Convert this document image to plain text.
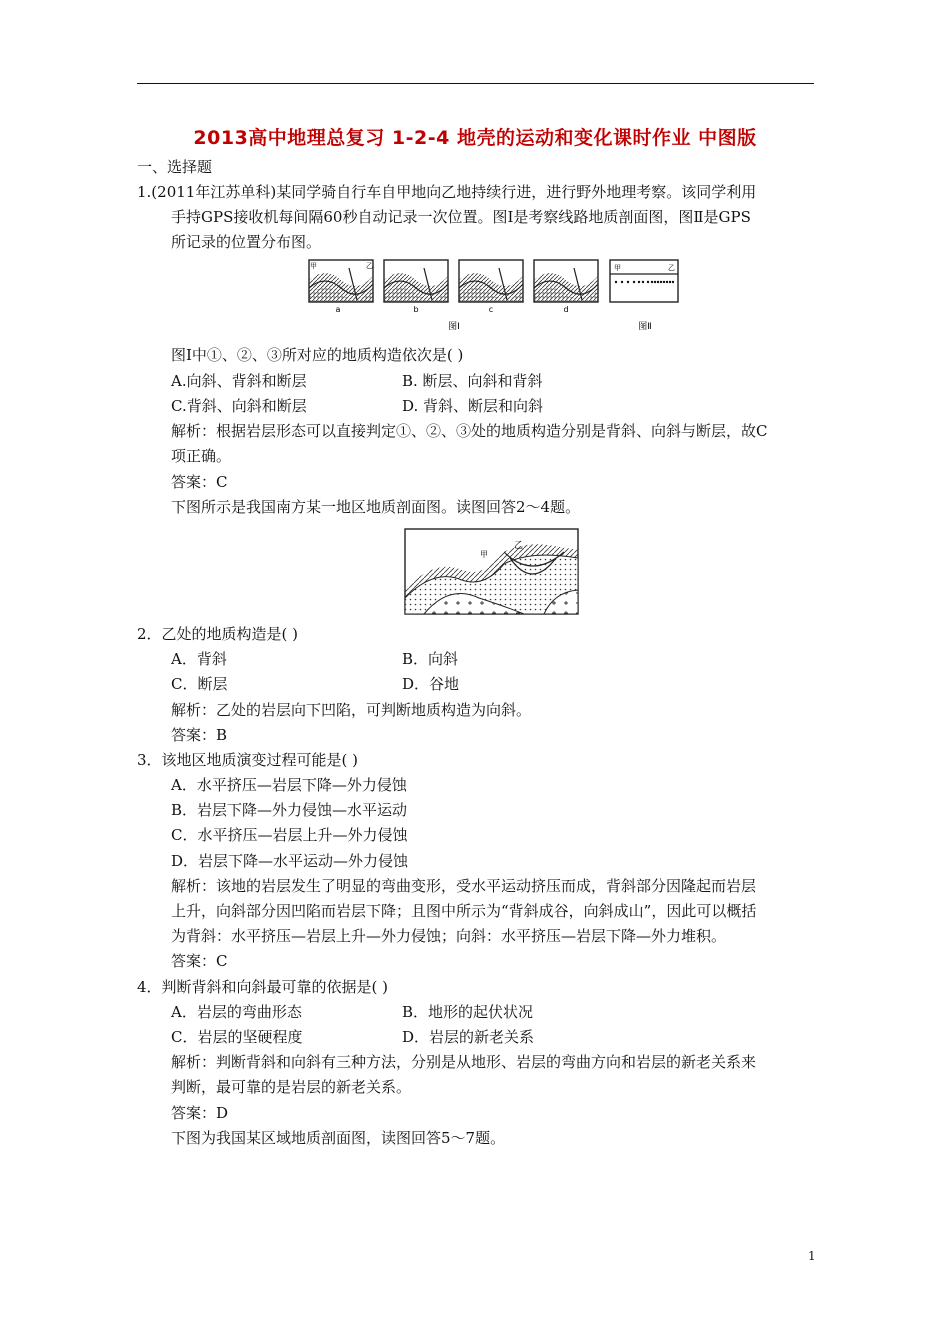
2013高中地理总复习 1-2-4 地壳的运动和变化课时作业 中图版
一、选择题
1.(2011年江苏单科)某同学骑自行车自甲地向乙地持续行进，进行野外地理考察。该同学利用
手持GPS接收机每间隔60秒自动记录一次位置。图Ⅰ是考察线路地质剖面图，图Ⅱ是GPS
所记录的位置分布图。
甲	乙
a	b	c	d
图Ⅰ
甲	乙
图Ⅱ
图Ⅰ中①、②、③所对应的地质构造依次是( )
A.向斜、背斜和断层	B. 断层、向斜和背斜
C.背斜、向斜和断层	D. 背斜、断层和向斜
解析：根据岩层形态可以直接判定①、②、③处的地质构造分别是背斜、向斜与断层，故C
项正确。
答案：C
下图所示是我国南方某一地区地质剖面图。读图回答2～4题。
甲
乙
2．乙处的地质构造是( )
A．背斜	B．向斜
C．断层	D．谷地
解析：乙处的岩层向下凹陷，可判断地质构造为向斜。
答案：B
3．该地区地质演变过程可能是( )
A．水平挤压—岩层下降—外力侵蚀
B．岩层下降—外力侵蚀—水平运动
C．水平挤压—岩层上升—外力侵蚀
D．岩层下降—水平运动—外力侵蚀
解析：该地的岩层发生了明显的弯曲变形，受水平运动挤压而成，背斜部分因隆起而岩层
上升，向斜部分因凹陷而岩层下降；且图中所示为“背斜成谷，向斜成山”，因此可以概括
为背斜：水平挤压—岩层上升—外力侵蚀；向斜：水平挤压—岩层下降—外力堆积。
答案：C
4．判断背斜和向斜最可靠的依据是( )
A．岩层的弯曲形态	B．地形的起伏状况
C．岩层的坚硬程度	D．岩层的新老关系
解析：判断背斜和向斜有三种方法，分别是从地形、岩层的弯曲方向和岩层的新老关系来
判断，最可靠的是岩层的新老关系。
答案：D
下图为我国某区域地质剖面图，读图回答5～7题。
1
